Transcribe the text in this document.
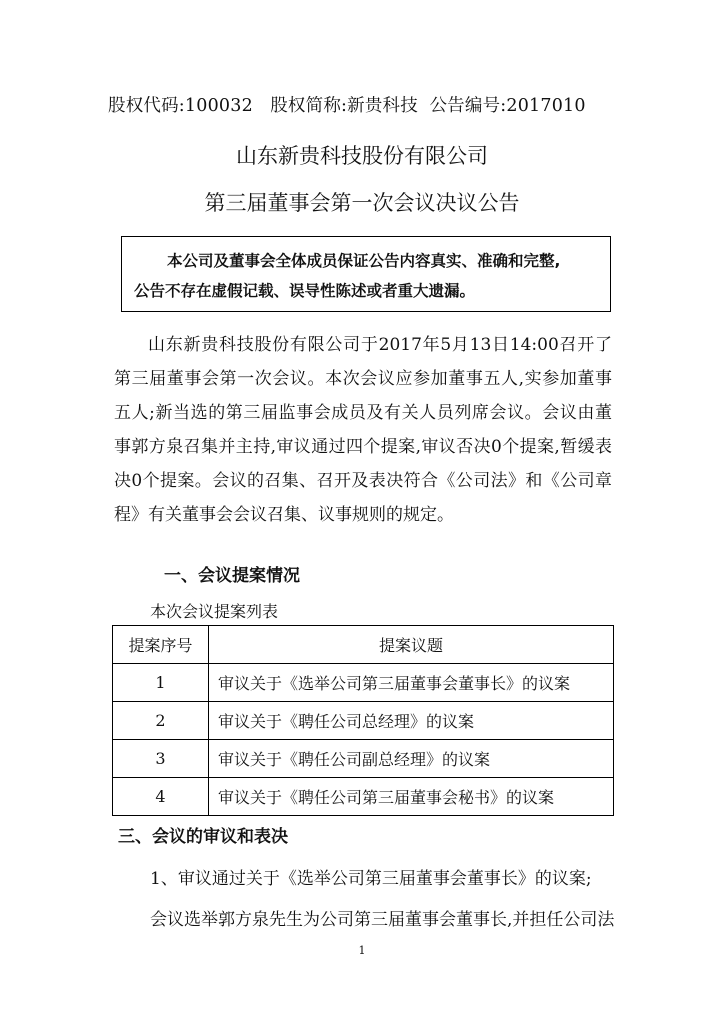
股权代码:100032 股权简称:新贵科技 公告编号:2017010
山东新贵科技股份有限公司
第三届董事会第一次会议决议公告
本公司及董事会全体成员保证公告内容真实、准确和完整,
公告不存在虚假记载、误导性陈述或者重大遗漏。
山东新贵科技股份有限公司于2017年5月13日14:00召开了第三届董事会第一次会议。本次会议应参加董事五人,实参加董事五人;新当选的第三届监事会成员及有关人员列席会议。会议由董事郭方泉召集并主持,审议通过四个提案,审议否决0个提案,暂缓表决0个提案。会议的召集、召开及表决符合《公司法》和《公司章程》有关董事会会议召集、议事规则的规定。
一、会议提案情况
本次会议提案列表
提案序号	提案议题
1	审议关于《选举公司第三届董事会董事长》的议案
2	审议关于《聘任公司总经理》的议案
3	审议关于《聘任公司副总经理》的议案
4	审议关于《聘任公司第三届董事会秘书》的议案
三、会议的审议和表决
1、审议通过关于《选举公司第三届董事会董事长》的议案;
会议选举郭方泉先生为公司第三届董事会董事长,并担任公司法
1
